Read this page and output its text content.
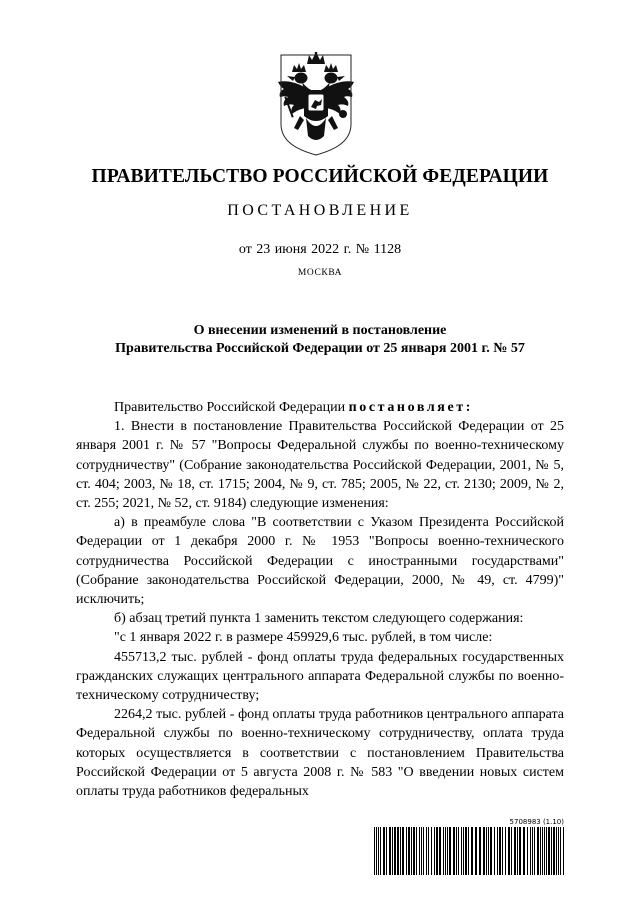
ПРАВИТЕЛЬСТВО РОССИЙСКОЙ ФЕДЕРАЦИИ
ПОСТАНОВЛЕНИЕ
от 23 июня 2022 г. № 1128
МОСКВА
О внесении изменений в постановление
Правительства Российской Федерации от 25 января 2001 г. № 57

Правительство Российской Федерации постановляет:

1. Внести в постановление Правительства Российской Федерации от 25 января 2001 г. № 57 "Вопросы Федеральной службы по военно-техническому сотрудничеству" (Собрание законодательства Российской Федерации, 2001, № 5, ст. 404; 2003, № 18, ст. 1715; 2004, № 9, ст. 785; 2005, № 22, ст. 2130; 2009, № 2, ст. 255; 2021, № 52, ст. 9184) следующие изменения:

а) в преамбуле слова "В соответствии с Указом Президента Российской Федерации от 1 декабря 2000 г. № 1953 "Вопросы военно-технического сотрудничества Российской Федерации с иностранными государствами" (Собрание законодательства Российской Федерации, 2000, № 49, ст. 4799)" исключить;

б) абзац третий пункта 1 заменить текстом следующего содержания:

"с 1 января 2022 г. в размере 459929,6 тыс. рублей, в том числе:

455713,2 тыс. рублей - фонд оплаты труда федеральных государственных гражданских служащих центрального аппарата Федеральной службы по военно-техническому сотрудничеству;

2264,2 тыс. рублей - фонд оплаты труда работников центрального аппарата Федеральной службы по военно-техническому сотрудничеству, оплата труда которых осуществляется в соответствии с постановлением Правительства Российской Федерации от 5 августа 2008 г. № 583 "О введении новых систем оплаты труда работников федеральных

5708983 (1.10)
